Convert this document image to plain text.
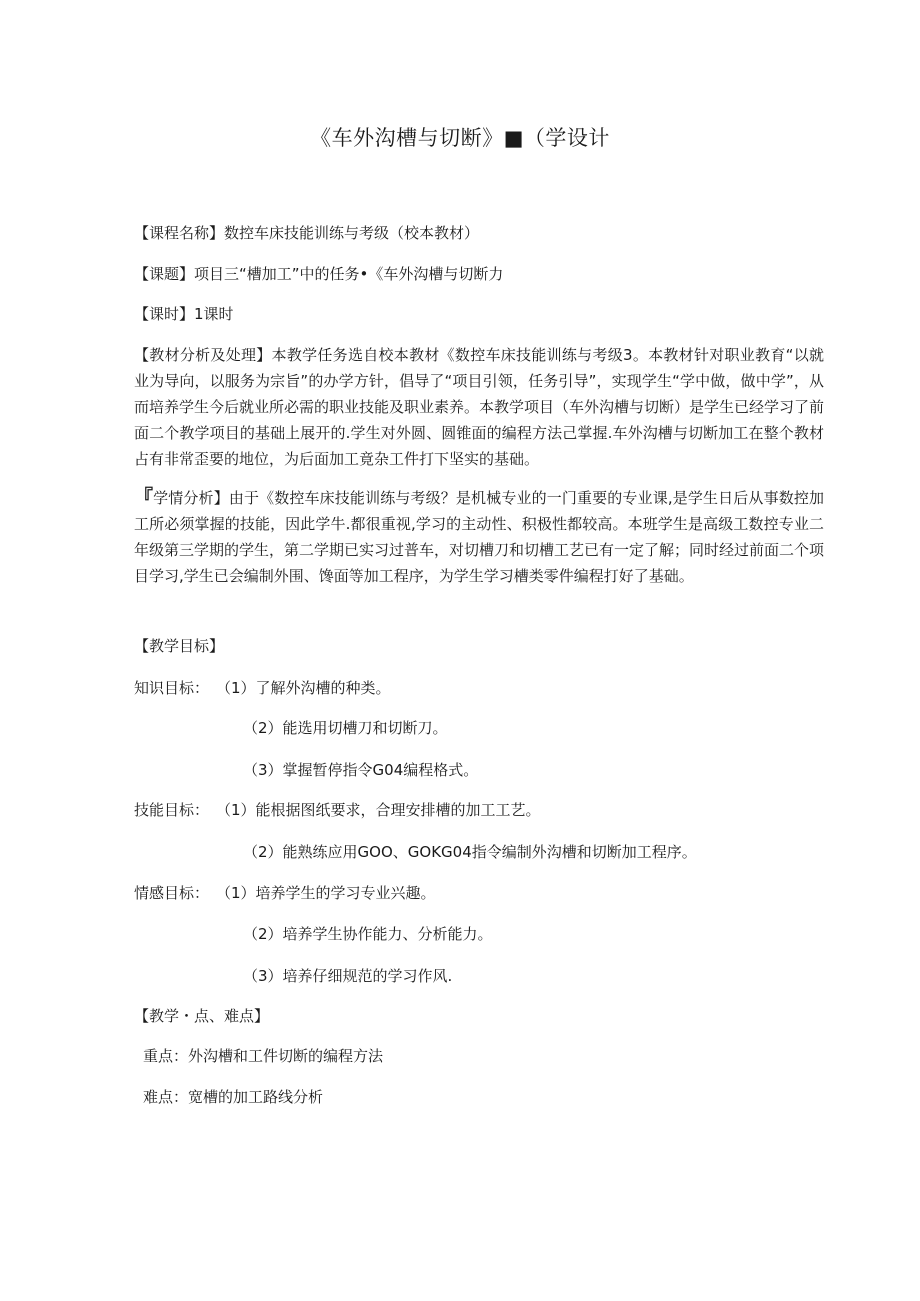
《车外沟槽与切断》■（学设计
【课程名称】数控车床技能训练与考级（校本教材）
【课题】项目三“槽加工”中的任务•《车外沟槽与切断力
【课时】1课时
【教材分析及处理】本教学任务选自校本教材《数控车床技能训练与考级3。本教材针对职业教育“以就业为导向，以服务为宗旨”的办学方针，倡导了“项目引领，任务引导”，实现学生“学中做，做中学”，从而培养学生今后就业所必需的职业技能及职业素养。本教学项目（车外沟槽与切断）是学生已经学习了前面二个教学项目的基础上展开的.学生对外圆、圆锥面的编程方法己掌握.车外沟槽与切断加工在整个教材占有非常歪要的地位，为后面加工竟杂工件打下坚实的基础。
『学情分析】由于《数控车床技能训练与考级？是机械专业的一门重要的专业课,是学生日后从事数控加工所必须掌握的技能，因此学牛.都很重视,学习的主动性、积极性都较高。本班学生是高级工数控专业二年级第三学期的学生，第二学期已实习过普车，对切槽刀和切槽工艺已有一定了解；同时经过前面二个项目学习,学生已会编制外围、馋面等加工程序，为学生学习槽类零件编程打好了基础。
【教学目标】
知识目标： （1）了解外沟槽的种类。
（2）能选用切槽刀和切断刀。
（3）掌握暂停指令G04编程格式。
技能目标： （1）能根据图纸要求，合理安排槽的加工工艺。
（2）能熟练应用GOO、GOKG04指令编制外沟槽和切断加工程序。
情感目标： （1）培养学生的学习专业兴趣。
（2）培养学生协作能力、分析能力。
（3）培养仔细规范的学习作风.
【教学・点、难点】
重点：外沟槽和工件切断的编程方法
难点：宽槽的加工路线分析
